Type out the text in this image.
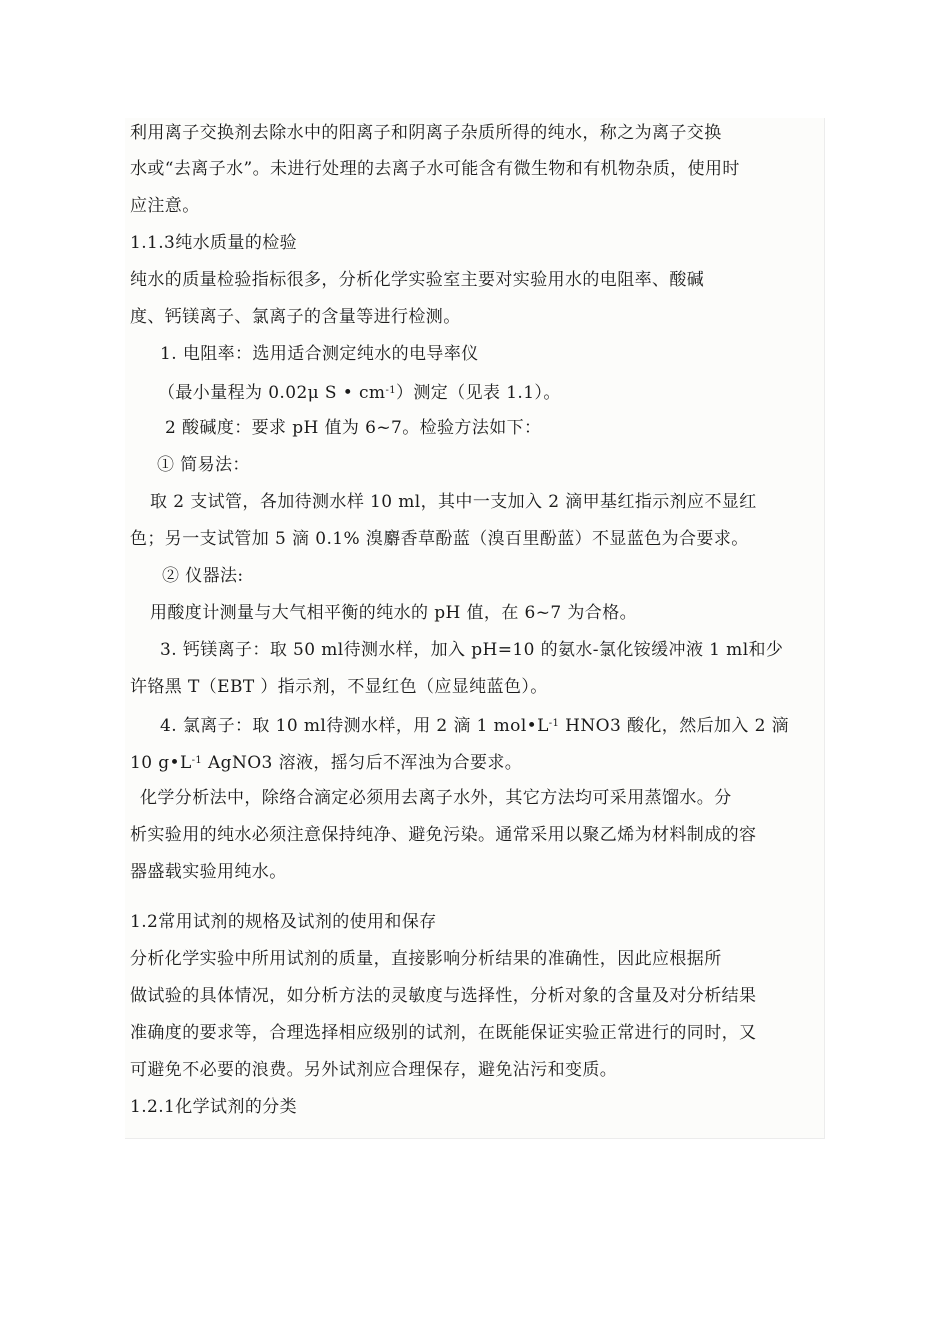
利用离子交换剂去除水中的阳离子和阴离子杂质所得的纯水，称之为离子交换

水或“去离子水”。未进行处理的去离子水可能含有微生物和有机物杂质，使用时

应注意。

1.1.3纯水质量的检验

纯水的质量检验指标很多，分析化学实验室主要对实验用水的电阻率、酸碱

度、钙镁离子、氯离子的含量等进行检测。

1. 电阻率：选用适合测定纯水的电导率仪

（最小量程为 0.02μ S • $cm^{-1}$）测定（见表 1.1）。

2 酸碱度：要求 pH 值为 6~7。检验方法如下：

① 简易法：

取 2 支试管，各加待测水样 10 ml，其中一支加入 2 滴甲基红指示剂应不显红

色；另一支试管加 5 滴 0.1% 溴麝香草酚蓝（溴百里酚蓝）不显蓝色为合要求。

② 仪器法:

用酸度计测量与大气相平衡的纯水的 pH 值，在 6~7 为合格。

3. 钙镁离子：取 50 ml待测水样，加入 pH=10 的氨水-氯化铵缓冲液 1 ml和少

许铬黑 T（EBT ）指示剂，不显红色（应显纯蓝色）。

4. 氯离子：取 10 ml待测水样，用 2 滴 1 $mol•L^{-1}$ HNO3 酸化，然后加入 2 滴

10 $g•L^{-1}$ AgNO3 溶液，摇匀后不浑浊为合要求。

化学分析法中，除络合滴定必须用去离子水外，其它方法均可采用蒸馏水。分

析实验用的纯水必须注意保持纯净、避免污染。通常采用以聚乙烯为材料制成的容

器盛载实验用纯水。

1.2常用试剂的规格及试剂的使用和保存

分析化学实验中所用试剂的质量，直接影响分析结果的准确性，因此应根据所

做试验的具体情况，如分析方法的灵敏度与选择性，分析对象的含量及对分析结果

准确度的要求等，合理选择相应级别的试剂，在既能保证实验正常进行的同时，又

可避免不必要的浪费。另外试剂应合理保存，避免沾污和变质。

1.2.1化学试剂的分类
